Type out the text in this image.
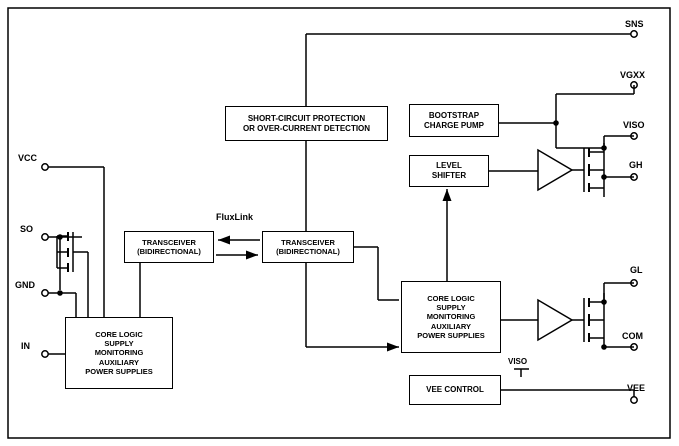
SHORT-CIRCUIT PROTECTION
OR OVER-CURRENT DETECTION
BOOTSTRAP
CHARGE PUMP
LEVEL
SHIFTER
TRANSCEIVER
(BIDIRECTIONAL)
TRANSCEIVER
(BIDIRECTIONAL)
CORE LOGIC
SUPPLY
MONITORING
AUXILIARY
POWER SUPPLIES
CORE LOGIC
SUPPLY
MONITORING
AUXILIARY
POWER SUPPLIES
VEE CONTROL
SNS
VGXX
VISO
GH
GL
COM
VEE
VCC
SO
GND
IN
FluxLink
VISO
